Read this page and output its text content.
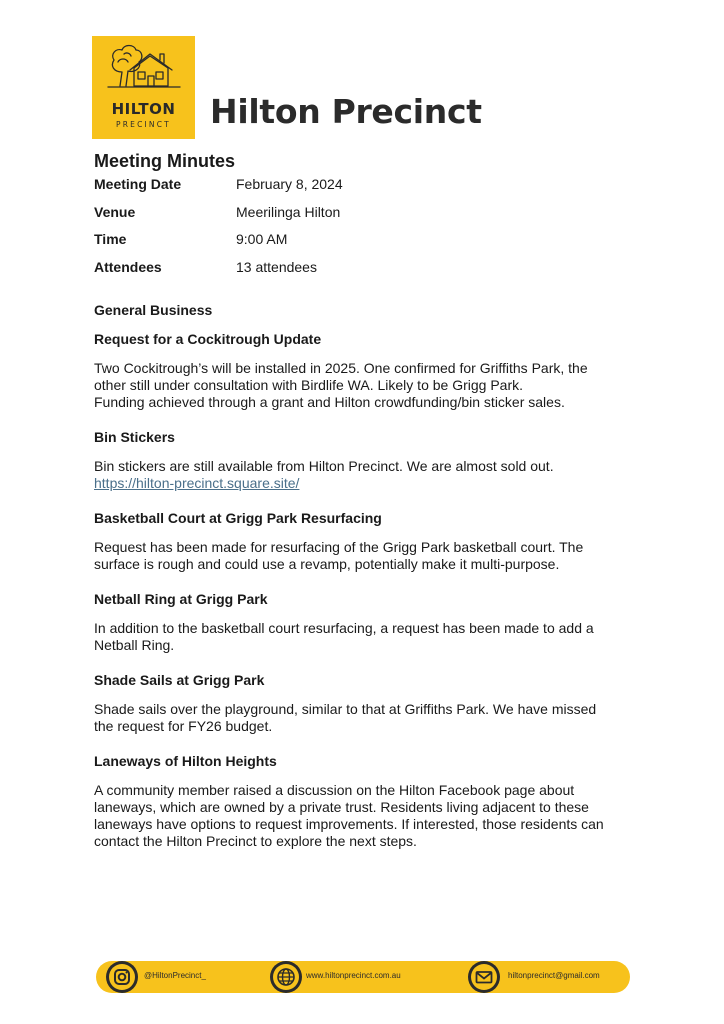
HILTON
PRECINCT	Hilton Precinct
Meeting Minutes
Meeting Date	February 8, 2024
Venue	Meerilinga Hilton
Time	9:00 AM
Attendees	13 attendees
General Business
Request for a Cockitrough Update

Two Cockitrough’s will be installed in 2025. One confirmed for Griffiths Park, the

other still under consultation with Birdlife WA. Likely to be Grigg Park.

Funding achieved through a grant and Hilton crowdfunding/bin sticker sales.

Bin Stickers

Bin stickers are still available from Hilton Precinct. We are almost sold out.

https://hilton-precinct.square.site/

Basketball Court at Grigg Park Resurfacing

Request has been made for resurfacing of the Grigg Park basketball court. The

surface is rough and could use a revamp, potentially make it multi-purpose.

Netball Ring at Grigg Park

In addition to the basketball court resurfacing, a request has been made to add a

Netball Ring.

Shade Sails at Grigg Park

Shade sails over the playground, similar to that at Griffiths Park. We have missed

the request for FY26 budget.

Laneways of Hilton Heights

A community member raised a discussion on the Hilton Facebook page about

laneways, which are owned by a private trust. Residents living adjacent to these

laneways have options to request improvements. If interested, those residents can

contact the Hilton Precinct to explore the next steps.

@HiltonPrecinct_	www.hiltonprecinct.com.au	hiltonprecinct@gmail.com
